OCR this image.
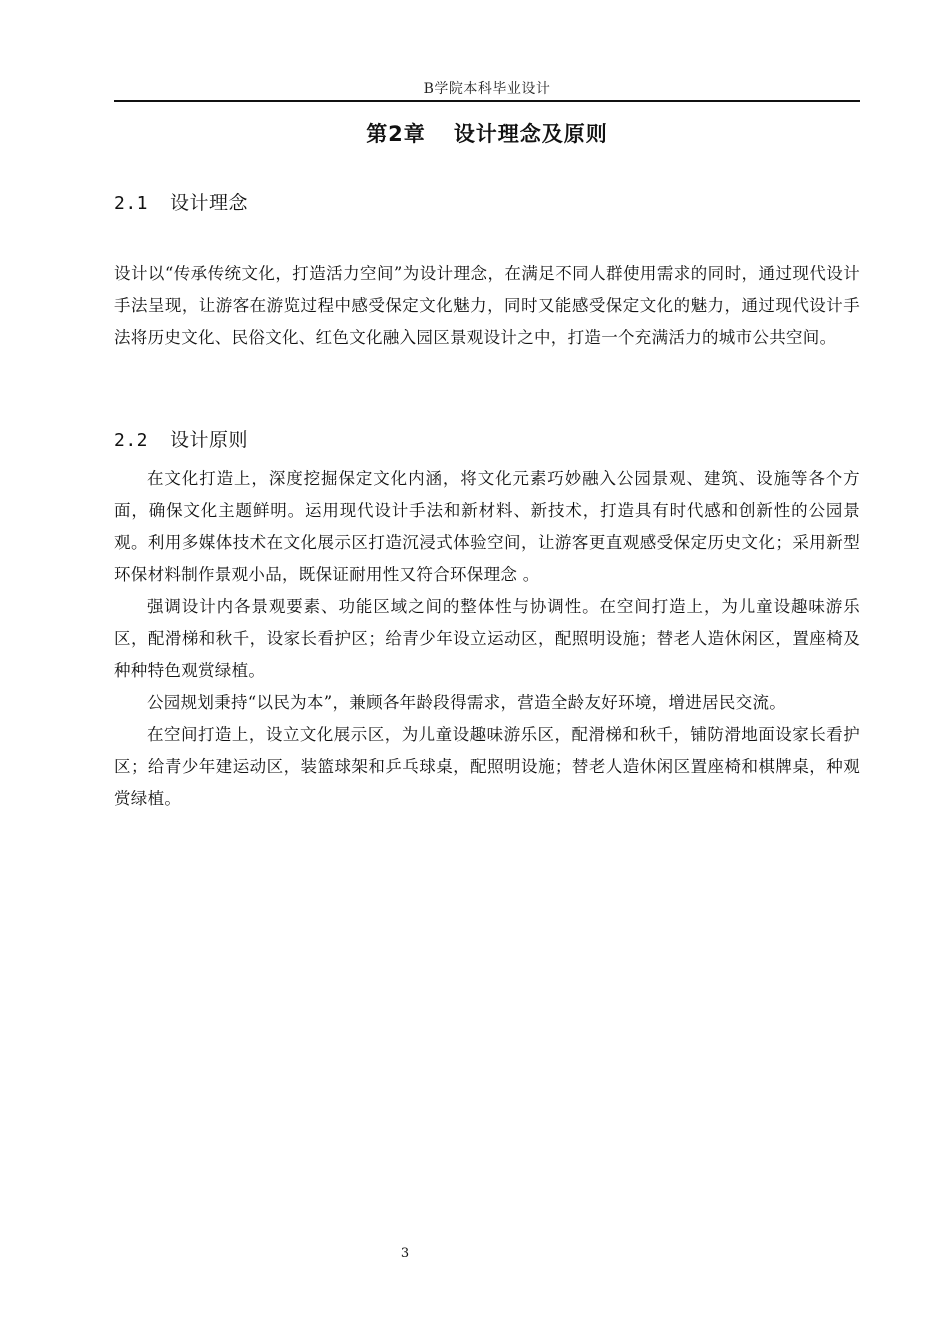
B学院本科毕业设计
第2章 设计理念及原则
2.1 设计理念

设计以“传承传统文化，打造活力空间”为设计理念，在满足不同人群使用需求的同时，通过现代设计手法呈现，让游客在游览过程中感受保定文化魅力，同时又能感受保定文化的魅力，通过现代设计手法将历史文化、民俗文化、红色文化融入园区景观设计之中，打造一个充满活力的城市公共空间。

2.2 设计原则

在文化打造上，深度挖掘保定文化内涵，将文化元素巧妙融入公园景观、建筑、设施等各个方面，确保文化主题鲜明。运用现代设计手法和新材料、新技术，打造具有时代感和创新性的公园景观。利用多媒体技术在文化展示区打造沉浸式体验空间，让游客更直观感受保定历史文化；采用新型环保材料制作景观小品，既保证耐用性又符合环保理念 。

强调设计内各景观要素、功能区域之间的整体性与协调性。在空间打造上，为儿童设趣味游乐区，配滑梯和秋千，设家长看护区；给青少年设立运动区，配照明设施；替老人造休闲区，置座椅及种种特色观赏绿植。

公园规划秉持“以民为本”，兼顾各年龄段得需求，营造全龄友好环境，增进居民交流。

在空间打造上，设立文化展示区，为儿童设趣味游乐区，配滑梯和秋千，铺防滑地面设家长看护区；给青少年建运动区，装篮球架和乒乓球桌，配照明设施；替老人造休闲区置座椅和棋牌桌，种观赏绿植。

3
